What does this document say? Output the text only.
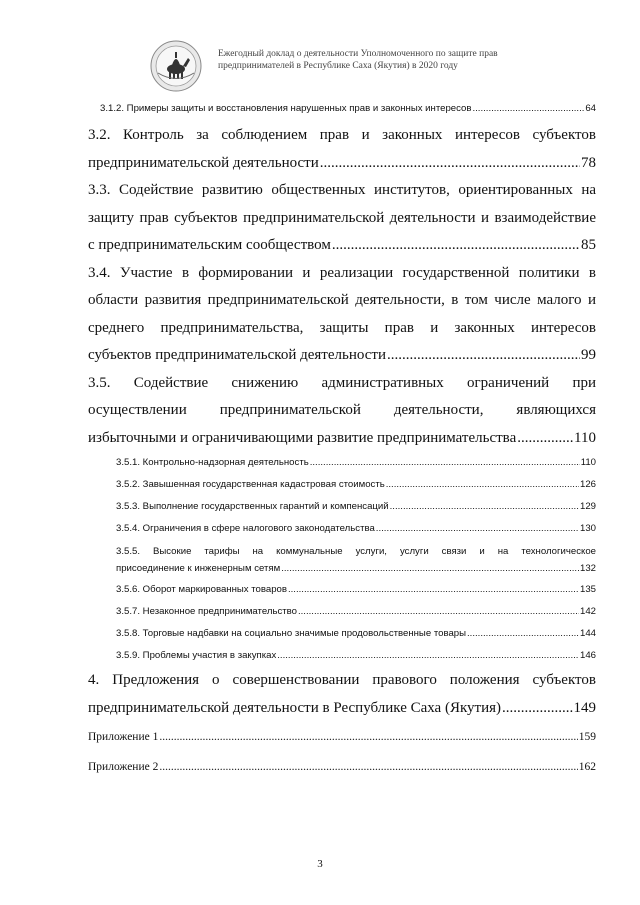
Ежегодный доклад о деятельности Уполномоченного по защите прав
предпринимателей в Республике Саха (Якутия) в 2020 году
3.1.2. Примеры защиты и восстановления нарушенных прав и законных интересов .....	64
3.2. Контроль за соблюдением прав и законных интересов субъектов
предпринимательской деятельности .....	78
3.3. Содействие развитию общественных институтов, ориентированных на
защиту прав субъектов предпринимательской деятельности и взаимодействие
с предпринимательским сообществом .....	85
3.4. Участие в формировании и реализации государственной политики в
области развития предпринимательской деятельности, в том числе малого и
среднего предпринимательства, защиты прав и законных интересов
субъектов предпринимательской деятельности .....	99
3.5. Содействие снижению административных ограничений при
осуществлении предпринимательской деятельности, являющихся
избыточными и ограничивающими развитие предпринимательства .....	110
3.5.1. Контрольно-надзорная деятельность .....	110
3.5.2. Завышенная государственная кадастровая стоимость .....	126
3.5.3. Выполнение государственных гарантий и компенсаций .....	129
3.5.4. Ограничения в сфере налогового законодательства .....	130
3.5.5. Высокие тарифы на коммунальные услуги, услуги связи и на технологическое
присоединение к инженерным сетям .....	132
3.5.6. Оборот маркированных товаров .....	135
3.5.7. Незаконное предпринимательство .....	142
3.5.8. Торговые надбавки на социально значимые продовольственные товары .....	144
3.5.9. Проблемы участия в закупках .....	146
4. Предложения о совершенствовании правового положения субъектов
предпринимательской деятельности в Республике Саха (Якутия) .....	149
Приложение 1 .....	159
Приложение 2 .....	162
3
